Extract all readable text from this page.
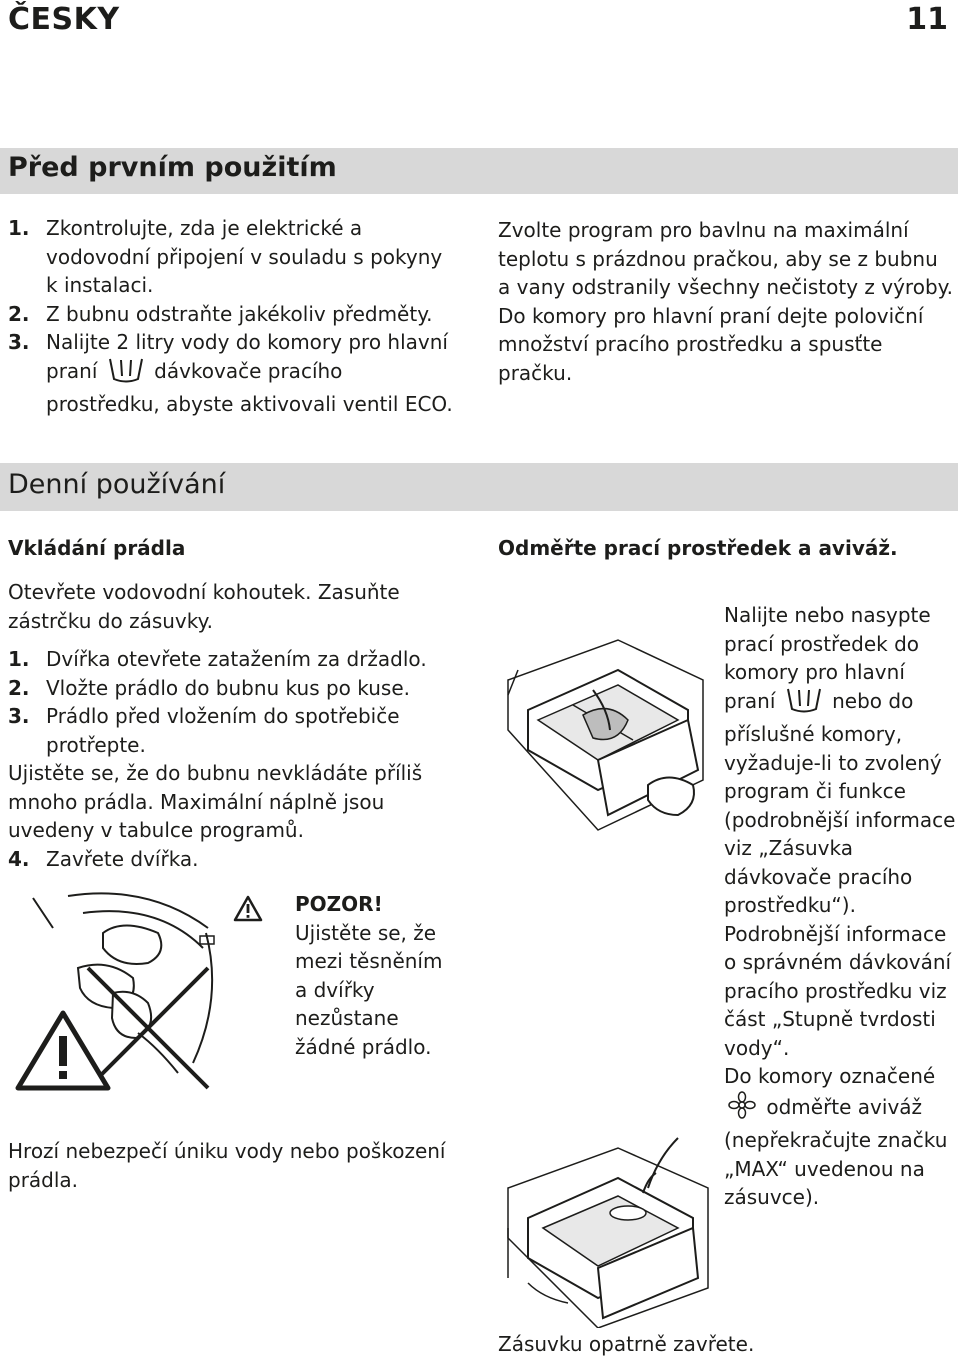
ČESKY	11
Před prvním použitím
1. Zkontrolujte, zda je elektrické a vodovodní připojení v souladu s pokyny k instalaci.
2. Z bubnu odstraňte jakékoliv předměty.
3. Nalijte 2 litry vody do komory pro hlavní praní	dávkovače pracího prostředku, abyste aktivovali ventil ECO.
Zvolte program pro bavlnu na maximální teplotu s prázdnou pračkou, aby se z bubnu a vany odstranily všechny nečistoty z výroby.
Do komory pro hlavní praní dejte poloviční množství pracího prostředku a spusťte pračku.
Denní používání
Vkládání prádla
Otevřete vodovodní kohoutek. Zasuňte zástrčku do zásuvky.
1. Dvířka otevřete zatažením za držadlo.
2. Vložte prádlo do bubnu kus po kuse.
3. Prádlo před vložením do spotřebiče protřepte.
Ujistěte se, že do bubnu nevkládáte příliš mnoho prádla. Maximální náplně jsou uvedeny v tabulce programů.
4. Zavřete dvířka.
POZOR!
Ujistěte se, že mezi těsněním a dvířky nezůstane žádné prádlo.
Hrozí nebezpečí úniku vody nebo poškození prádla.
Odměřte prací prostředek a aviváž.
Nalijte nebo nasypte prací prostředek do komory pro hlavní praní	nebo do příslušné komory, vyžaduje-li to zvolený program či funkce (podrobnější informace viz „Zásuvka dávkovače pracího prostředku“). Podrobnější informace o správném dávkování pracího prostředku viz část „Stupně tvrdosti vody“.
Do komory označené  odměřte aviváž (nepřekračujte značku „MAX“ uvedenou na zásuvce).
Zásuvku opatrně zavřete.
